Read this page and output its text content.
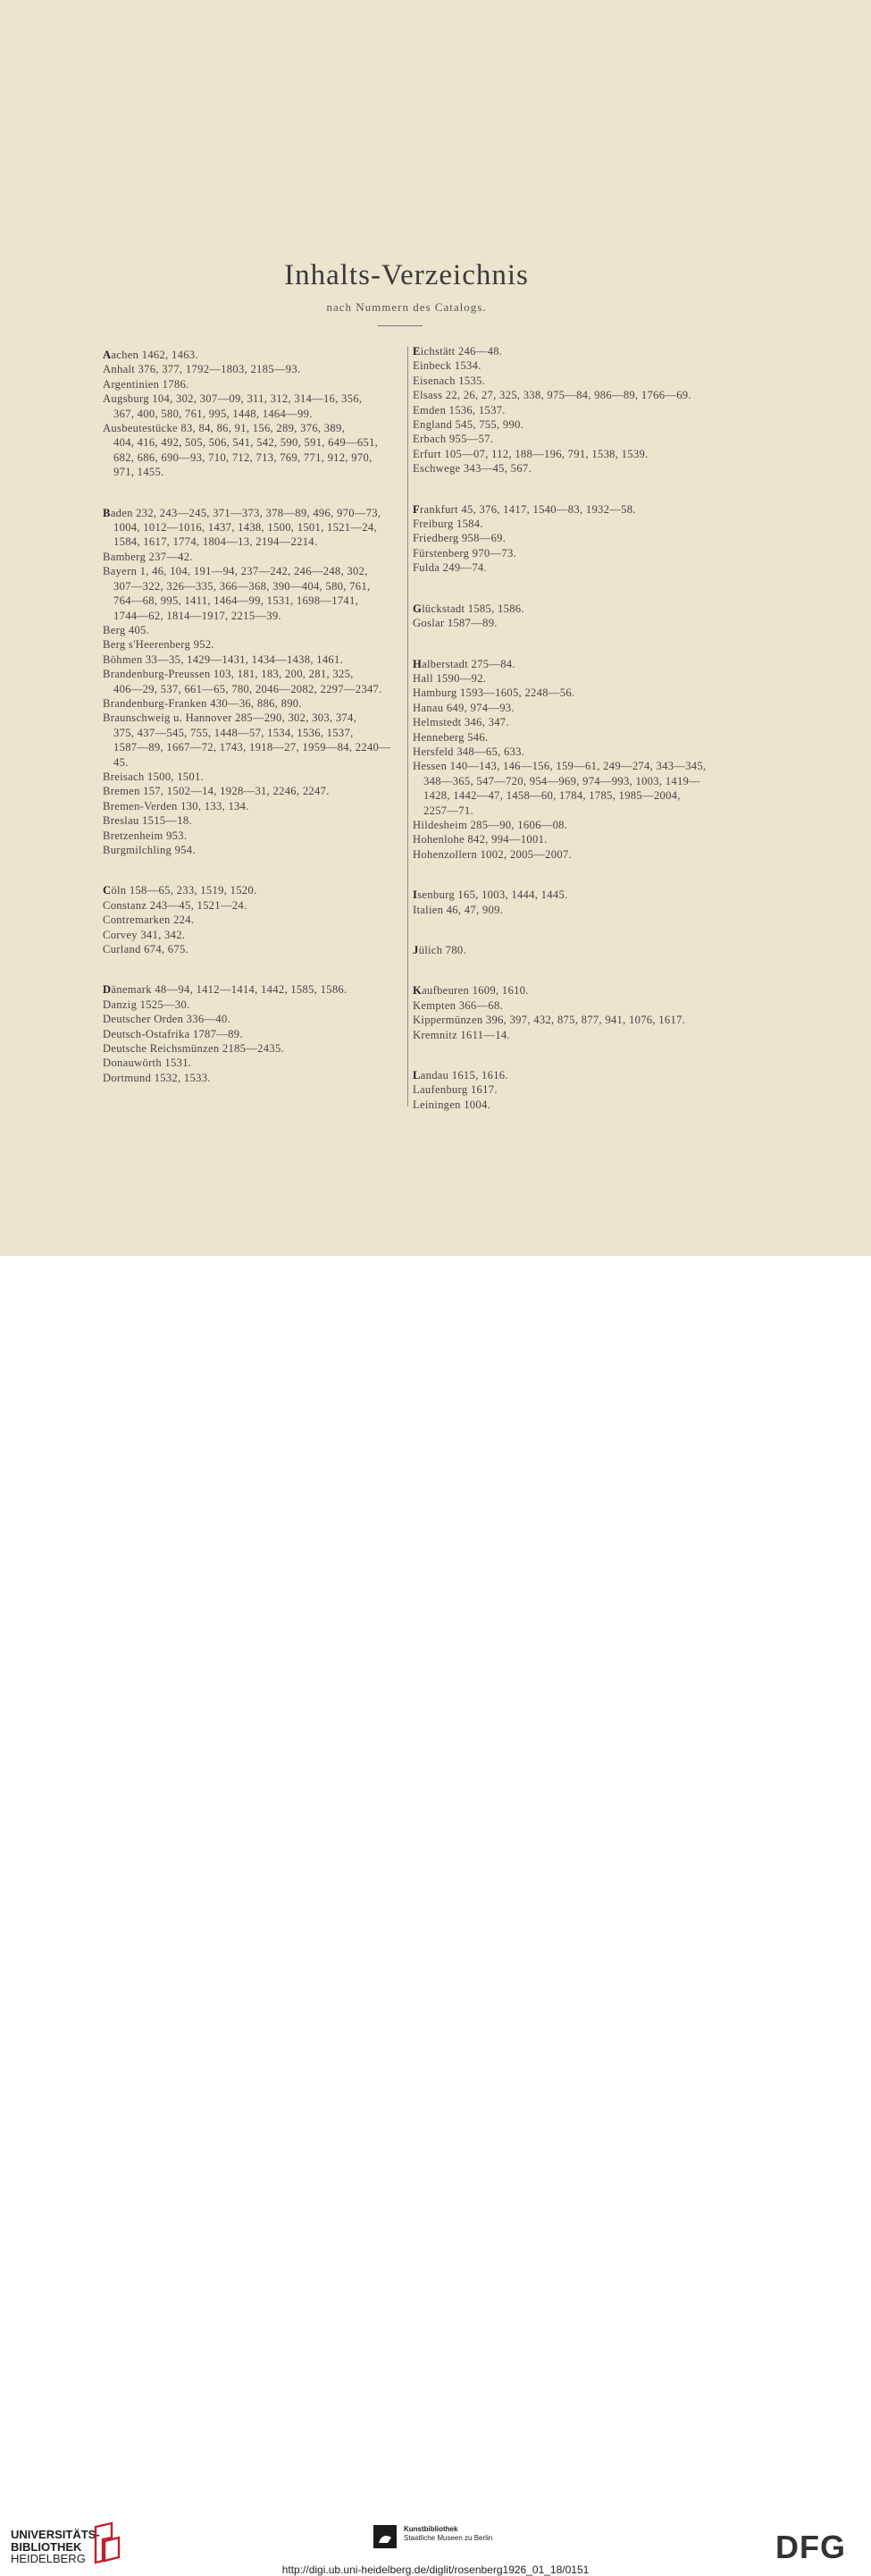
Inhalts-Verzeichnis
nach Nummern des Catalogs.
Aachen 1462, 1463.
Anhalt 376, 377, 1792—1803, 2185—93.
Argentinien 1786.
Augsburg 104, 302, 307—09, 311, 312, 314—16, 356,
367, 400, 580, 761, 995, 1448, 1464—99.
Ausbeutestücke 83, 84, 86, 91, 156, 289, 376, 389,
404, 416, 492, 505, 506, 541, 542, 590, 591, 649—651,
682, 686, 690—93, 710, 712, 713, 769, 771, 912, 970,
971, 1455.
Baden 232, 243—245, 371—373, 378—89, 496, 970—73,
1004, 1012—1016, 1437, 1438, 1500, 1501, 1521—24,
1584, 1617, 1774, 1804—13, 2194—2214.
Bamberg 237—42.
Bayern 1, 46, 104, 191—94, 237—242, 246—248, 302,
307—322, 326—335, 366—368, 390—404, 580, 761,
764—68, 995, 1411, 1464—99, 1531, 1698—1741,
1744—62, 1814—1917, 2215—39.
Berg 405.
Berg s'Heerenberg 952.
Böhmen 33—35, 1429—1431, 1434—1438, 1461.
Brandenburg-Preussen 103, 181, 183, 200, 281, 325,
406—29, 537, 661—65, 780, 2046—2082, 2297—2347.
Brandenburg-Franken 430—36, 886, 890.
Braunschweig u. Hannover 285—290, 302, 303, 374,
375, 437—545, 755, 1448—57, 1534, 1536, 1537,
1587—89, 1667—72, 1743, 1918—27, 1959—84, 2240—45.
Breisach 1500, 1501.
Bremen 157, 1502—14, 1928—31, 2246, 2247.
Bremen-Verden 130, 133, 134.
Breslau 1515—18.
Bretzenheim 953.
Burgmilchling 954.
Cöln 158—65, 233, 1519, 1520.
Constanz 243—45, 1521—24.
Contremarken 224.
Corvey 341, 342.
Curland 674, 675.
Dänemark 48—94, 1412—1414, 1442, 1585, 1586.
Danzig 1525—30.
Deutscher Orden 336—40.
Deutsch-Ostafrika 1787—89.
Deutsche Reichsmünzen 2185—2435.
Donauwörth 1531.
Dortmund 1532, 1533.
Eichstätt 246—48.
Einbeck 1534.
Eisenach 1535.
Elsass 22, 26, 27, 325, 338, 975—84, 986—89, 1766—69.
Emden 1536, 1537.
England 545, 755, 990.
Erbach 955—57.
Erfurt 105—07, 112, 188—196, 791, 1538, 1539.
Eschwege 343—45, 567.
Frankfurt 45, 376, 1417, 1540—83, 1932—58.
Freiburg 1584.
Friedberg 958—69.
Fürstenberg 970—73.
Fulda 249—74.
Glückstadt 1585, 1586.
Goslar 1587—89.
Halberstadt 275—84.
Hall 1590—92.
Hamburg 1593—1605, 2248—56.
Hanau 649, 974—93.
Helmstedt 346, 347.
Henneberg 546.
Hersfeld 348—65, 633.
Hessen 140—143, 146—156, 159—61, 249—274, 343—345,
348—365, 547—720, 954—969, 974—993, 1003, 1419—
1428, 1442—47, 1458—60, 1784, 1785, 1985—2004,
2257—71.
Hildesheim 285—90, 1606—08.
Hohenlohe 842, 994—1001.
Hohenzollern 1002, 2005—2007.
Isenburg 165, 1003, 1444, 1445.
Italien 46, 47, 909.
Jülich 780.
Kaufbeuren 1609, 1610.
Kempten 366—68.
Kippermünzen 396, 397, 432, 875, 877, 941, 1076, 1617.
Kremnitz 1611—14.
Landau 1615, 1616.
Laufenburg 1617.
Leiningen 1004.
UNIVERSITÄTS-
BIBLIOTHEK
HEIDELBERG
Kunstbibliothek
Staatliche Museen zu Berlin	DFG
http://digi.ub.uni-heidelberg.de/diglit/rosenberg1926_01_18/0151
